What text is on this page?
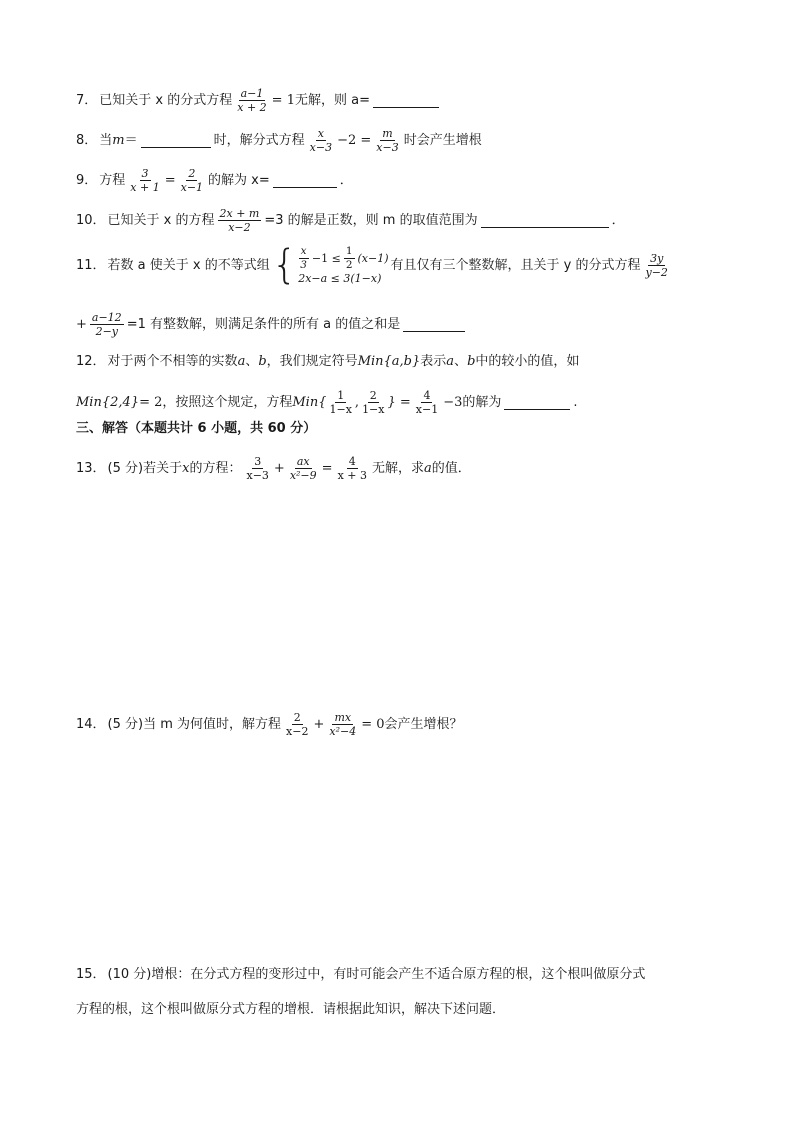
7． 已知关于 x 的分式方程 $\frac{a-1}{x + 2} = 1$ 无解，则 a=
8． 当 m ＝	时，解分式方程 $\frac{x}{x-3} -2 = \frac{m}{x-3}$ 时会产生增根
9． 方程 $\frac{3}{x + 1} = \frac{2}{x-1}$ 的解为 x=	．
10． 已知关于 x 的方程 $\frac{2x + m}{x-2} =3$ 的解是正数，则 m 的取值范围为	．
11． 若数 a 使关于 x 的不等式组 { $\frac{x}{3} -1 \le \frac{1}{2} (x-1)$
2x−a ≤ 3(1−x)
有且仅有三个整数解，且关于 y 的分式方程 $\frac{3y}{y-2}$
+ $\frac{a-12}{2-y} =1$ 有整数解，则满足条件的所有 a 的值之和是
12． 对于两个不相等的实数 a 、 b ，我们规定符号 Min{a,b} 表示 a 、 b 中的较小的值，如
Min{2,4} = 2 ，按照这个规定，方程 $Min\{ \frac{1}{1-x}$ , $\frac{2}{1-x}$ } = $\frac{4}{x-1} -3$ 的解为	.
三、解答（本题共计 6 小题，共 60 分）
13． (5 分) 若关于 x 的方程： $\frac{3}{x-3} + \frac{ax}{\text{x²−9}} = \frac{4}{x + 3}$ 无解，求 a 的值．
14． (5 分) 当 m 为何值时，解方程 $\frac{2}{x-2} + \frac{mx}{\text{x²−4}} = 0$ 会产生增根？
15． (10 分) 增根：在分式方程的变形过中，有时可能会产生不适合原方程的根，这个根叫做原分式
方程的根，这个根叫做原分式方程的增根．请根据此知识，解决下述问题．
